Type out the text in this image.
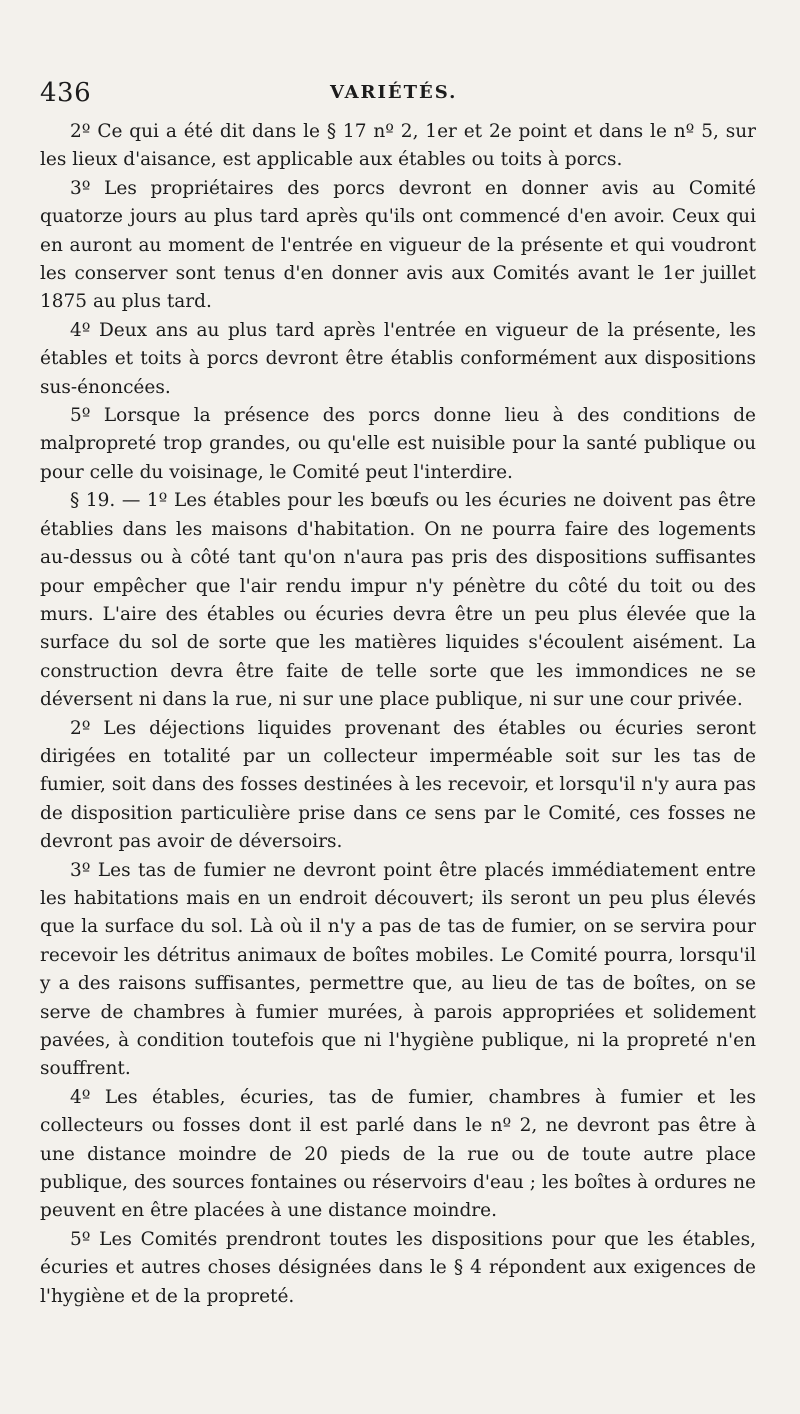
436	VARIÉTÉS.

2º Ce qui a été dit dans le § 17 nº 2, 1er et 2e point et dans le nº 5, sur les lieux d'aisance, est applicable aux étables ou toits à porcs.

3º Les propriétaires des porcs devront en donner avis au Comité quatorze jours au plus tard après qu'ils ont commencé d'en avoir. Ceux qui en auront au moment de l'entrée en vigueur de la présente et qui voudront les conserver sont tenus d'en donner avis aux Comités avant le 1er juillet 1875 au plus tard.

4º Deux ans au plus tard après l'entrée en vigueur de la présente, les étables et toits à porcs devront être établis conformément aux dispositions sus-énoncées.

5º Lorsque la présence des porcs donne lieu à des conditions de malpropreté trop grandes, ou qu'elle est nuisible pour la santé publique ou pour celle du voisinage, le Comité peut l'interdire.

§ 19. — 1º Les étables pour les bœufs ou les écuries ne doivent pas être établies dans les maisons d'habitation. On ne pourra faire des logements au-dessus ou à côté tant qu'on n'aura pas pris des dispositions suffisantes pour empêcher que l'air rendu impur n'y pénètre du côté du toit ou des murs. L'aire des étables ou écuries devra être un peu plus élevée que la surface du sol de sorte que les matières liquides s'écoulent aisément. La construction devra être faite de telle sorte que les immondices ne se déversent ni dans la rue, ni sur une place publique, ni sur une cour privée.

2º Les déjections liquides provenant des étables ou écuries seront dirigées en totalité par un collecteur imperméable soit sur les tas de fumier, soit dans des fosses destinées à les recevoir, et lorsqu'il n'y aura pas de disposition particulière prise dans ce sens par le Comité, ces fosses ne devront pas avoir de déversoirs.

3º Les tas de fumier ne devront point être placés immédiatement entre les habitations mais en un endroit découvert; ils seront un peu plus élevés que la surface du sol. Là où il n'y a pas de tas de fumier, on se servira pour recevoir les détritus animaux de boîtes mobiles. Le Comité pourra, lorsqu'il y a des raisons suffisantes, permettre que, au lieu de tas de boîtes, on se serve de chambres à fumier murées, à parois appropriées et solidement pavées, à condition toutefois que ni l'hygiène publique, ni la propreté n'en souffrent.

4º Les étables, écuries, tas de fumier, chambres à fumier et les collecteurs ou fosses dont il est parlé dans le nº 2, ne devront pas être à une distance moindre de 20 pieds de la rue ou de toute autre place publique, des sources fontaines ou réservoirs d'eau ; les boîtes à ordures ne peuvent en être placées à une distance moindre.

5º Les Comités prendront toutes les dispositions pour que les étables, écuries et autres choses désignées dans le § 4 répondent aux exigences de l'hygiène et de la propreté.
